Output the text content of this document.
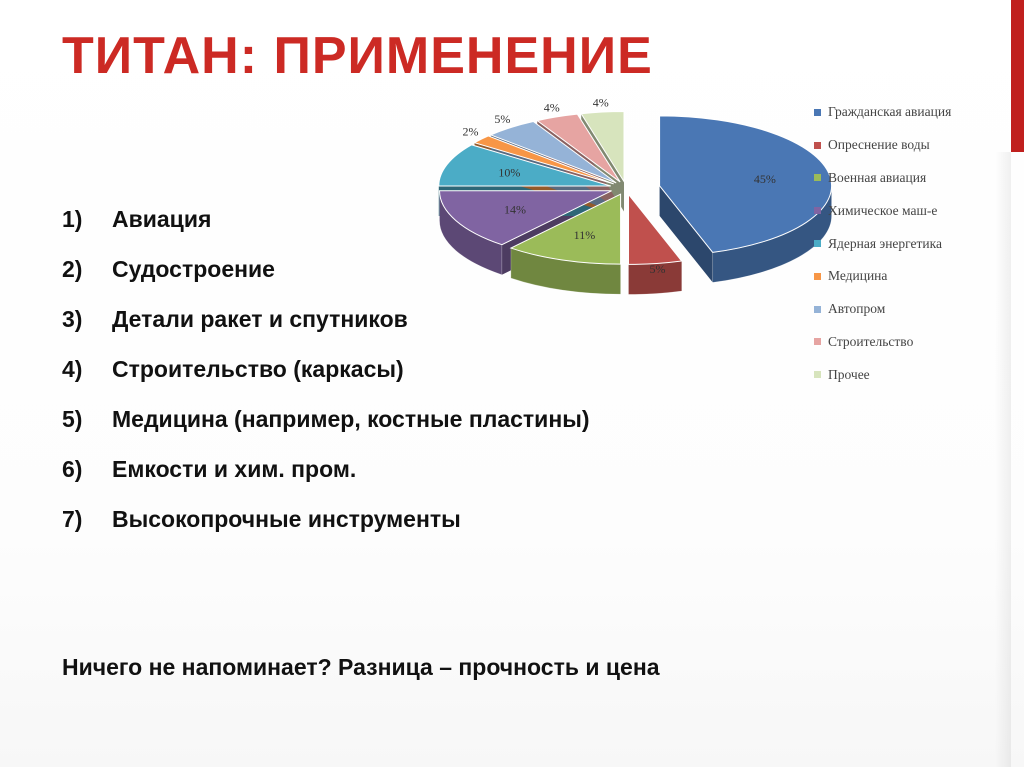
ТИТАН: ПРИМЕНЕНИЕ
1)	Авиация
2)	Судостроение
3)	Детали ракет и спутников
4)	Строительство (каркасы)
5)	Медицина (например, костные пластины)
6)	Емкости и хим. пром.
7)	Высокопрочные инструменты
Ничего не напоминает? Разница – прочность и цена
45%
5%
11%
14%
10%
2%
5%
4%	4%
Гражданская авиация
Опреснение воды
Военная авиация
Химическое маш-е
Ядерная энергетика
Медицина
Автопром
Строительство
Прочее
